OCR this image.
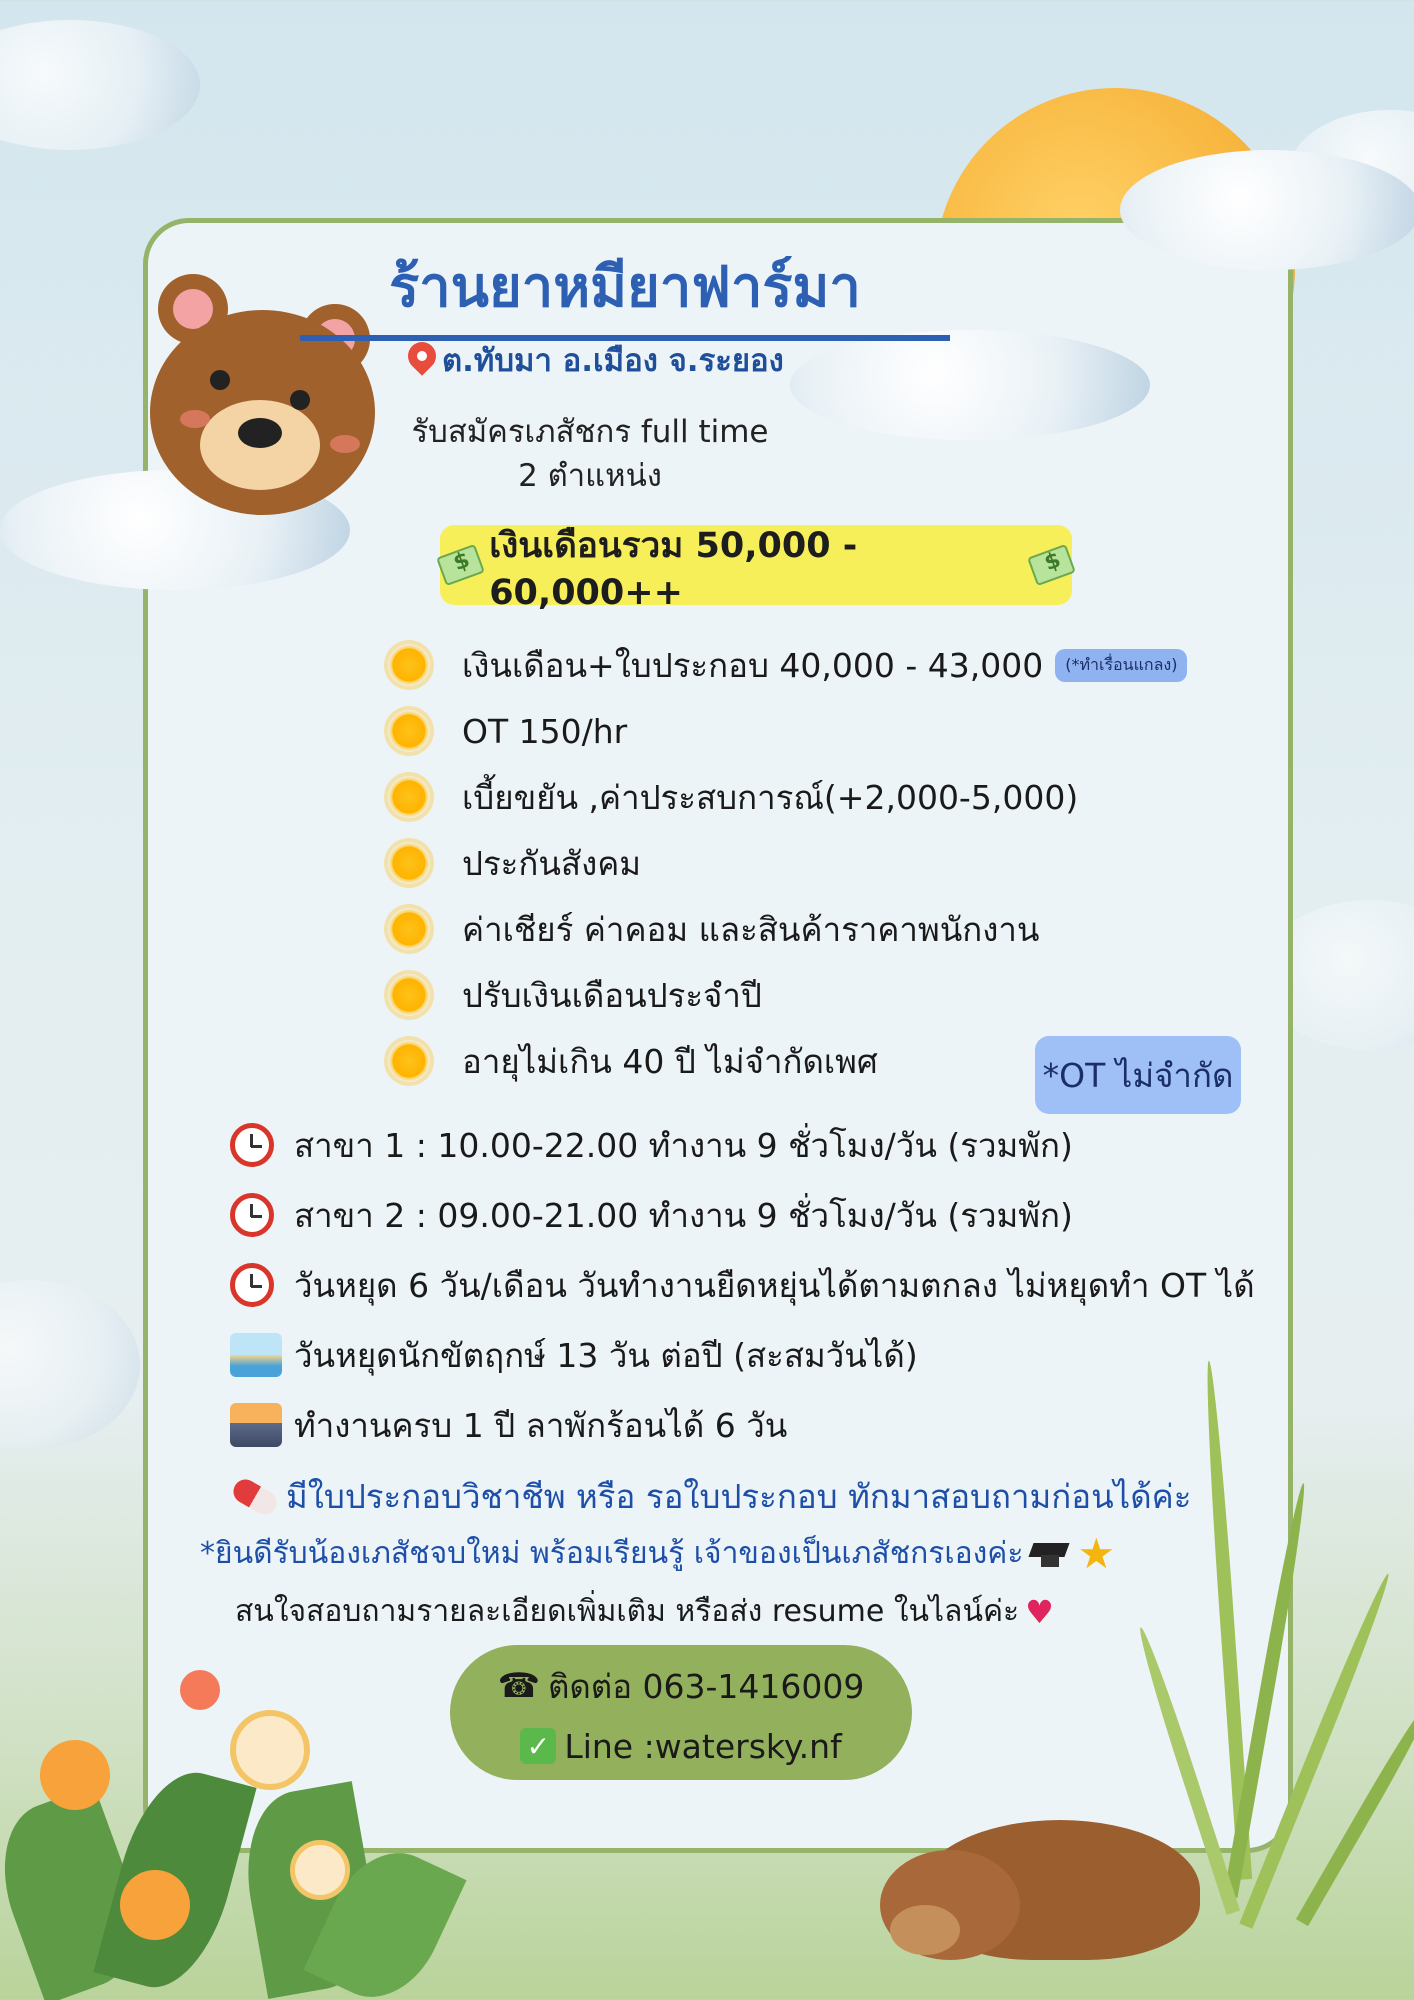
ร้านยาหมียาฟาร์มา
ต.ทับมา อ.เมือง จ.ระยอง
รับสมัครเภสัชกร full time
2 ตำแหน่ง
$
เงินเดือนรวม 50,000 - 60,000++
$
เงินเดือน+ใบประกอบ 40,000 - 43,000	(*ทำเรื่อนแกลง)
OT 150/hr
เบี้ยขยัน ,ค่าประสบการณ์(+2,000-5,000)
ประกันสังคม
ค่าเชียร์ ค่าคอม และสินค้าราคาพนักงาน
ปรับเงินเดือนประจำปี
อายุไม่เกิน 40 ปี ไม่จำกัดเพศ	*OT ไม่จำกัด
สาขา 1 : 10.00-22.00 ทำงาน 9 ชั่วโมง/วัน (รวมพัก)
สาขา 2 : 09.00-21.00 ทำงาน 9 ชั่วโมง/วัน (รวมพัก)
วันหยุด 6 วัน/เดือน วันทำงานยืดหยุ่นได้ตามตกลง ไม่หยุดทำ OT ได้
วันหยุดนักขัตฤกษ์ 13 วัน ต่อปี (สะสมวันได้)
ทำงานครบ 1 ปี ลาพักร้อนได้ 6 วัน
มีใบประกอบวิชาชีพ หรือ รอใบประกอบ ทักมาสอบถามก่อนได้ค่ะ
*ยินดีรับน้องเภสัชจบใหม่ พร้อมเรียนรู้ เจ้าของเป็นเภสัชกรเองค่ะ ★
สนใจสอบถามรายละเอียดเพิ่มเติม หรือส่ง resume ในไลน์ค่ะ ♥
☎ ติดต่อ 063-1416009
✓ Line :watersky.nf
